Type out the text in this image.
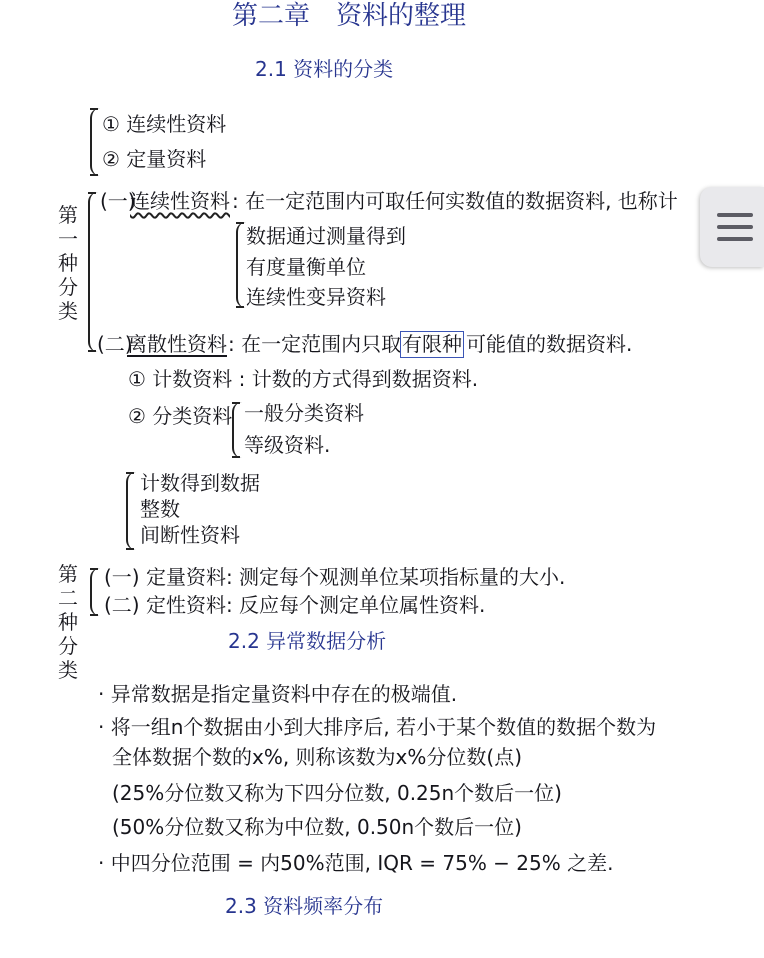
第二章　资料的整理
2.1 资料的分类
① 连续性资料
② 定量资料
第一种分类
(一)
连续性资料 : 在一定范围内可取任何实数值的数据资料, 也称计
数据通过测量得到
有度量衡单位
连续性变异资料
(二)
离散性资料 : 在一定范围内只取 有限种 可能值的数据资料.
① 计数资料 : 计数的方式得到数据资料.
② 分类资料 一般分类资料
等级资料.
计数得到数据
整数
间断性资料
第二种分类
(一) 定量资料: 测定每个观测单位某项指标量的大小.
(二) 定性资料: 反应每个测定单位属性资料.
2.2 异常数据分析
· 异常数据是指定量资料中存在的极端值.
· 将一组n个数据由小到大排序后, 若小于某个数值的数据个数为
全体数据个数的x%, 则称该数为x%分位数(点)
(25%分位数又称为下四分位数, 0.25n个数后一位)
(50%分位数又称为中位数, 0.50n个数后一位)
· 中四分位范围 = 内50%范围, IQR = 75% − 25% 之差.
2.3 资料频率分布
